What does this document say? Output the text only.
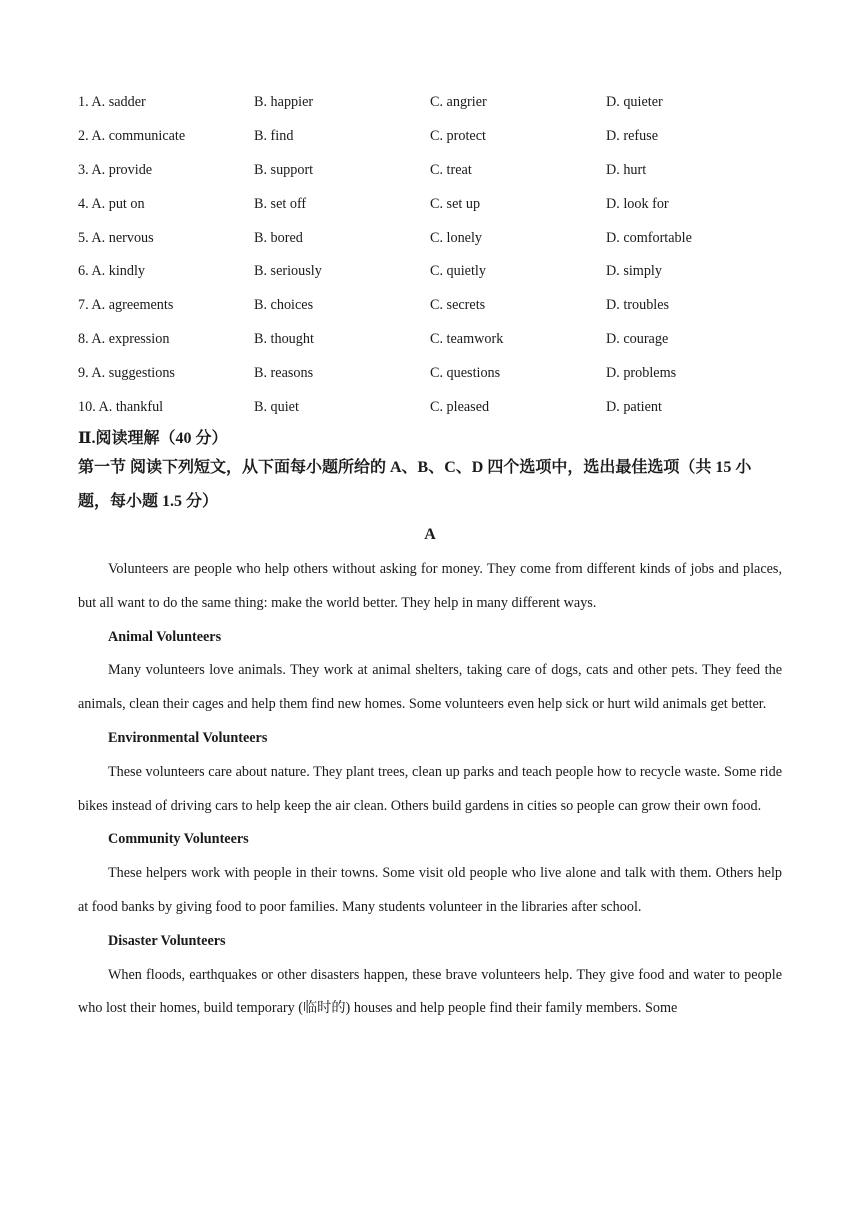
1. A. sadder	B. happier	C. angrier	D. quieter
2. A. communicate	B. find	C. protect	D. refuse
3. A. provide	B. support	C. treat	D. hurt
4. A. put on	B. set off	C. set up	D. look for
5. A. nervous	B. bored	C. lonely	D. comfortable
6. A. kindly	B. seriously	C. quietly	D. simply
7. A. agreements	B. choices	C. secrets	D. troubles
8. A. expression	B. thought	C. teamwork	D. courage
9. A. suggestions	B. reasons	C. questions	D. problems
10. A. thankful	B. quiet	C. pleased	D. patient
Ⅱ.阅读理解（40 分）
第一节 阅读下列短文，从下面每小题所给的 A、B、C、D 四个选项中，选出最佳选项（共 15 小题，每小题 1.5 分）
A

Volunteers are people who help others without asking for money. They come from different kinds of jobs and places, but all want to do the same thing: make the world better. They help in many different ways.

Animal Volunteers

Many volunteers love animals. They work at animal shelters, taking care of dogs, cats and other pets. They feed the animals, clean their cages and help them find new homes. Some volunteers even help sick or hurt wild animals get better.

Environmental Volunteers

These volunteers care about nature. They plant trees, clean up parks and teach people how to recycle waste. Some ride bikes instead of driving cars to help keep the air clean. Others build gardens in cities so people can grow their own food.

Community Volunteers

These helpers work with people in their towns. Some visit old people who live alone and talk with them. Others help at food banks by giving food to poor families. Many students volunteer in the libraries after school.

Disaster Volunteers

When floods, earthquakes or other disasters happen, these brave volunteers help. They give food and water to people who lost their homes, build temporary (临时的) houses and help people find their family members. Some
